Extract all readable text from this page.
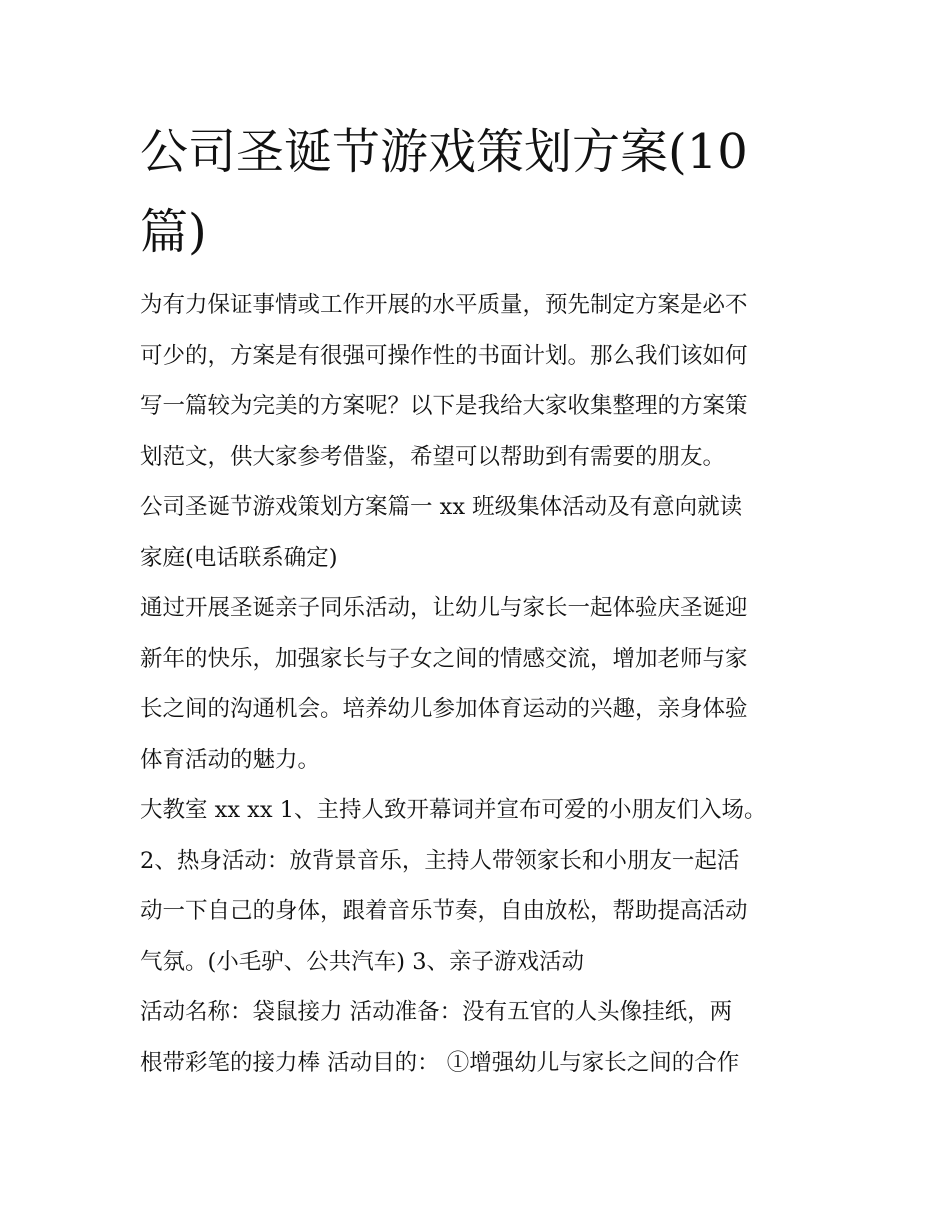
公司圣诞节游戏策划方案(10
篇)

为有力保证事情或工作开展的水平质量，预先制定方案是必不
可少的，方案是有很强可操作性的书面计划。那么我们该如何
写一篇较为完美的方案呢？以下是我给大家收集整理的方案策
划范文，供大家参考借鉴，希望可以帮助到有需要的朋友。

公司圣诞节游戏策划方案篇一 xx 班级集体活动及有意向就读
家庭(电话联系确定)

通过开展圣诞亲子同乐活动，让幼儿与家长一起体验庆圣诞迎
新年的快乐，加强家长与子女之间的情感交流，增加老师与家
长之间的沟通机会。培养幼儿参加体育运动的兴趣，亲身体验
体育活动的魅力。

大教室 xx xx 1、主持人致开幕词并宣布可爱的小朋友们入场。
2、热身活动：放背景音乐，主持人带领家长和小朋友一起活
动一下自己的身体，跟着音乐节奏，自由放松，帮助提高活动
气氛。(小毛驴、公共汽车) 3、亲子游戏活动

活动名称：袋鼠接力 活动准备：没有五官的人头像挂纸，两
根带彩笔的接力棒 活动目的： ①增强幼儿与家长之间的合作
